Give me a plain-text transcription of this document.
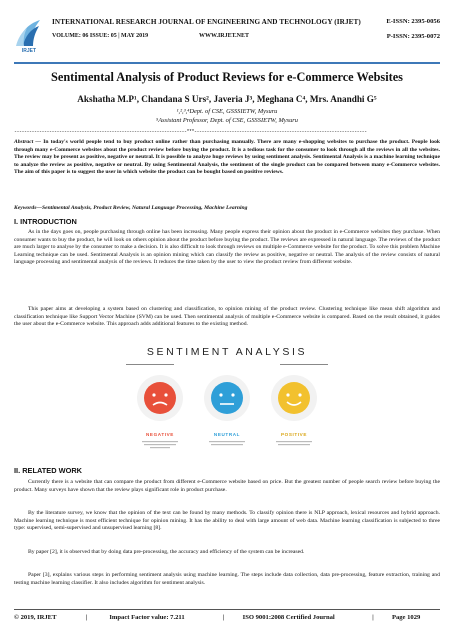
IRJET
INTERNATIONAL RESEARCH JOURNAL OF ENGINEERING AND TECHNOLOGY (IRJET)
VOLUME: 06 ISSUE: 05 | MAY 2019	WWW.IRJET.NET
E-ISSN: 2395-0056
P-ISSN: 2395-0072
Sentimental Analysis of Product Reviews for e-Commerce Websites
Akshatha M.P¹, Chandana S Urs², Javeria J³, Meghana C⁴, Mrs. Anandhi G⁵
¹,²,³,⁴Dept. of CSE, GSSSIETW, Mysuru
⁵Assistant Professor, Dept. of CSE, GSSSIETW, Mysuru
---------------------------------------------------------------------***---------------------------------------------------------------------
Abstract — In today's world people tend to buy product online rather than purchasing manually. There are many e-shopping websites to purchase the product. People look through many e-Commerce websites about the product review before buying the product. It is a tedious task for the consumer to look through all the reviews in all the websites. The review may be present as positive, negative or neutral. It is possible to analyze huge reviews by using sentiment analysis. Sentimental Analysis is a machine learning technique to analyze the review as positive, negative or neutral. By using Sentimental Analysis, the sentiment of the single product can be compared between many e-Commerce websites. The aim of this paper is to suggest the user in which website the product can be bought based on positive reviews.
Keywords—Sentimental Analysis, Product Review, Natural Language Processing, Machine Learning
I. INTRODUCTION
As in the days goes on, people purchasing through online has been increasing. Many people express their opinion about the product in e-Commerce websites they purchase. When consumer wants to buy the product, he will look on others opinion about the product before buying the product. The reviews are expressed in natural language. The reviews of the product are much larger to analyse by the consumer to make a decision. It is also difficult to look through reviews on multiple e-Commerce website for the product. To solve this problem Machine Learning technique can be used. Sentimental Analysis is an opinion mining which can classify the review as positive, negative or neutral. The analysis of the review consists of natural language processing and sentimental analysis of the reviews. It reduces the time taken by the user to view the product review from different website.
This paper aims at developing a system based on clustering and classification, to opinion mining of the product review. Clustering technique like mean shift algorithm and classification technique like Support Vector Machine (SVM) can be used. Then sentimental analysis of multiple e-Commerce website is compared. Based on the result obtained, it guides the user about the e-Commerce website. This approach adds additional features to the existing method.
SENTIMENT ANALYSIS
NEGATIVE	NEUTRAL	POSITIVE
II. RELATED WORK
Currently there is a website that can compare the product from different e-Commerce website based on price. But the greatest number of people search review before buying the product. Many surveys have shown that the review plays significant role in product purchase.
By the literature survey, we know that the opinion of the text can be found by many methods. To classify opinion there is NLP approach, lexical resources and hybrid approach. Machine learning technique is most efficient technique for opinion mining. It has the ability to deal with large amount of web data. Machine learning classification is subjected to three type: supervised, semi-supervised and unsupervised learning [8].
By paper [2], it is observed that by doing data pre-processing, the accuracy and efficiency of the system can be increased.
Paper [3], explains various steps in performing sentiment analysis using machine learning. The steps include data collection, data pre-processing, feature extraction, training and testing machine learning classifier. It also includes algorithm for sentiment analysis.
© 2019, IRJET	|	Impact Factor value: 7.211	|	ISO 9001:2008 Certified Journal	|	Page 1029
